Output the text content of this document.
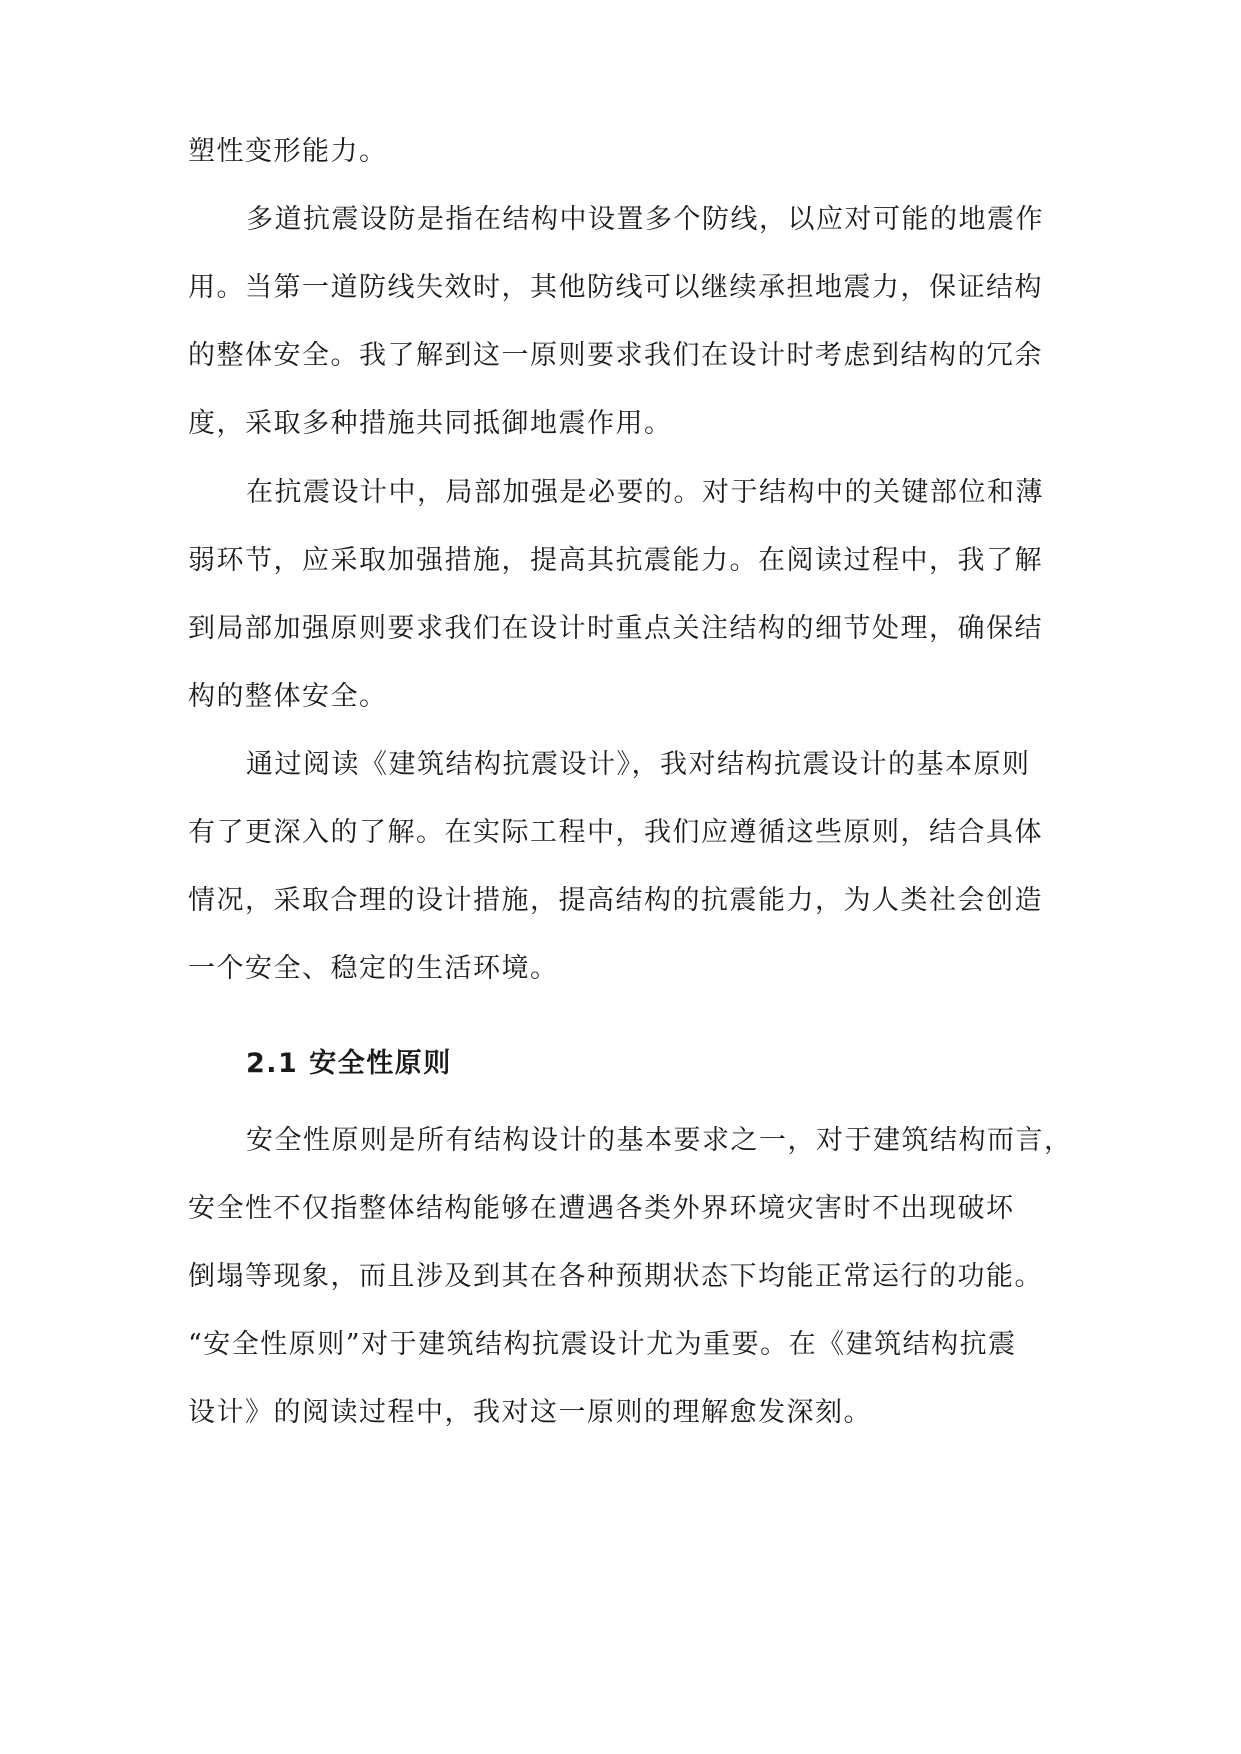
塑性变形能力。

多道抗震设防是指在结构中设置多个防线，以应对可能的地震作

用。当第一道防线失效时，其他防线可以继续承担地震力，保证结构

的整体安全。我了解到这一原则要求我们在设计时考虑到结构的冗余

度，采取多种措施共同抵御地震作用。

在抗震设计中，局部加强是必要的。对于结构中的关键部位和薄

弱环节，应采取加强措施，提高其抗震能力。在阅读过程中，我了解

到局部加强原则要求我们在设计时重点关注结构的细节处理，确保结

构的整体安全。

通过阅读《建筑结构抗震设计》，我对结构抗震设计的基本原则

有了更深入的了解。在实际工程中，我们应遵循这些原则，结合具体

情况，采取合理的设计措施，提高结构的抗震能力，为人类社会创造

一个安全、稳定的生活环境。

2.1 安全性原则

安全性原则是所有结构设计的基本要求之一，对于建筑结构而言，

安全性不仅指整体结构能够在遭遇各类外界环境灾害时不出现破坏

倒塌等现象，而且涉及到其在各种预期状态下均能正常运行的功能。

“安全性原则”对于建筑结构抗震设计尤为重要。在《建筑结构抗震

设计》的阅读过程中，我对这一原则的理解愈发深刻。
